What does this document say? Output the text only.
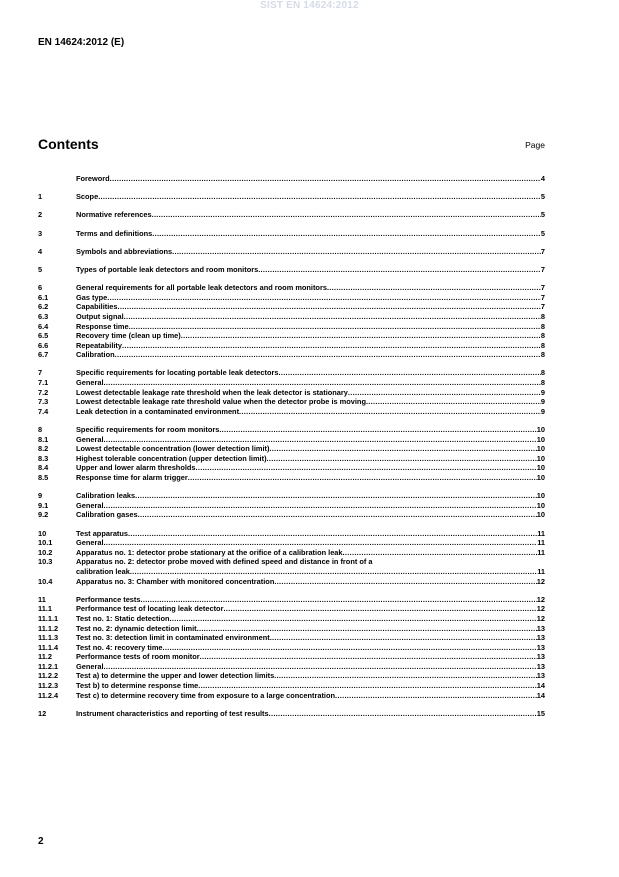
SIST EN 14624:2012
EN 14624:2012 (E)
Contents	Page
Foreword .....	4
1	Scope .....	5
2	Normative references .....	5
3	Terms and definitions .....	5
4	Symbols and abbreviations .....	7
5	Types of portable leak detectors and room monitors .....	7
6	General requirements for all portable leak detectors and room monitors .....	7
6.1	Gas type .....	7
6.2	Capabilities .....	7
6.3	Output signal .....	8
6.4	Response time .....	8
6.5	Recovery time (clean up time) .....	8
6.6	Repeatability .....	8
6.7	Calibration .....	8
7	Specific requirements for locating portable leak detectors .....	8
7.1	General .....	8
7.2	Lowest detectable leakage rate threshold when the leak detector is stationary .....	9
7.3	Lowest detectable leakage rate threshold value when the detector probe is moving .....	9
7.4	Leak detection in a contaminated environment .....	9
8	Specific requirements for room monitors .....	10
8.1	General .....	10
8.2	Lowest detectable concentration (lower detection limit) .....	10
8.3	Highest tolerable concentration (upper detection limit) .....	10
8.4	Upper and lower alarm thresholds .....	10
8.5	Response time for alarm trigger .....	10
9	Calibration leaks .....	10
9.1	General .....	10
9.2	Calibration gases .....	10
10	Test apparatus .....	11
10.1	General .....	11
10.2	Apparatus no. 1: detector probe stationary at the orifice of a calibration leak .....	11
10.3	Apparatus no. 2: detector probe moved with defined speed and distance in front of a
calibration leak .....	11
10.4	Apparatus no. 3: Chamber with monitored concentration .....	12
11	Performance tests .....	12
11.1	Performance test of locating leak detector .....	12
11.1.1	Test no. 1: Static detection .....	12
11.1.2	Test no. 2: dynamic detection limit .....	13
11.1.3	Test no. 3: detection limit in contaminated environment .....	13
11.1.4	Test no. 4: recovery time .....	13
11.2	Performance tests of room monitor .....	13
11.2.1	General .....	13
11.2.2	Test a) to determine the upper and lower detection limits .....	13
11.2.3	Test b) to determine response time .....	14
11.2.4	Test c) to determine recovery time from exposure to a large concentration .....	14
12	Instrument characteristics and reporting of test results .....	15
2
